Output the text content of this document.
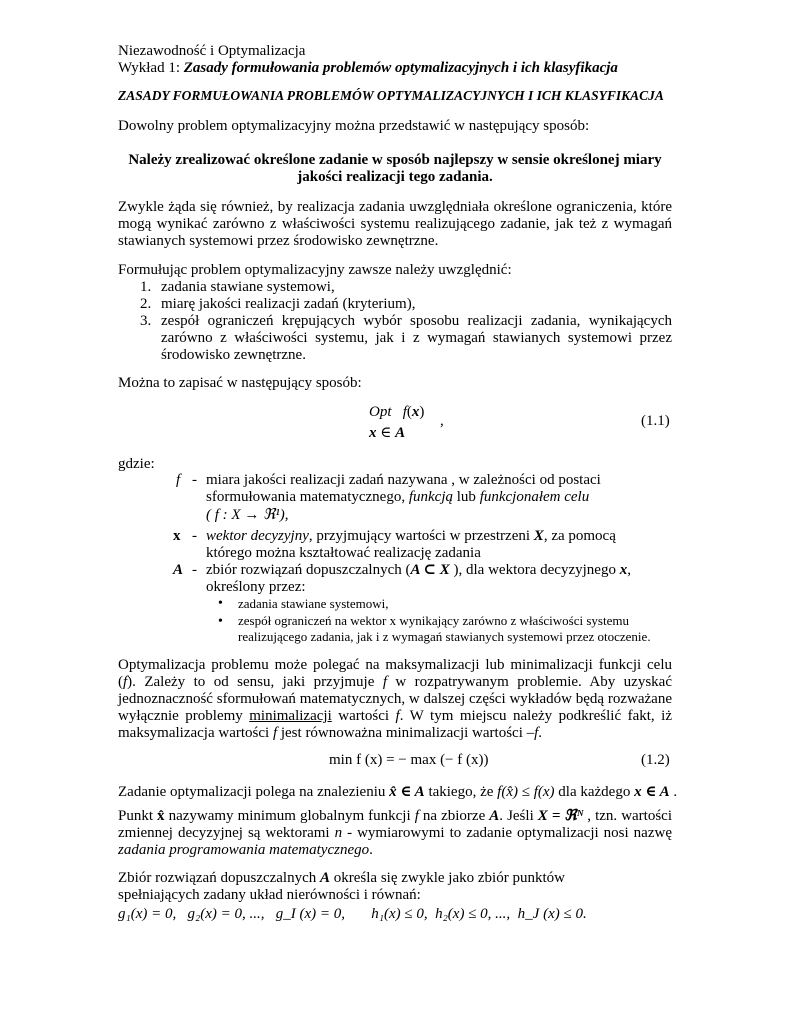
Niezawodność i Optymalizacja
Wykład 1: Zasady formułowania problemów optymalizacyjnych i ich klasyfikacja
ZASADY FORMUŁOWANIA PROBLEMÓW OPTYMALIZACYJNYCH I ICH KLASYFIKACJA
Dowolny problem optymalizacyjny można przedstawić w następujący sposób:
Należy zrealizować określone zadanie w sposób najlepszy w sensie określonej miary
jakości realizacji tego zadania.

Zwykle żąda się również, by realizacja zadania uwzględniała określone ograniczenia, które mogą wynikać zarówno z właściwości systemu realizującego zadanie, jak też z wymagań stawianych systemowi przez środowisko zewnętrzne.

Formułując problem optymalizacyjny zawsze należy uwzględnić:
1. zadania stawiane systemowi,
2. miarę jakości realizacji zadań (kryterium),
3. zespół ograniczeń krępujących wybór sposobu realizacji zadania, wynikających zarówno z właściwości systemu, jak i z wymagań stawianych systemowi przez środowisko zewnętrzne.

Można to zapisać w następujący sposób:
Opt f(x)
,
x ∈ A
(1.1)
gdzie:
f - miara jakości realizacji zadań nazywana , w zależności od postaci
sformułowania matematycznego, funkcją lub funkcjonałem celu
( f : X → ℜ¹),
x - wektor decyzyjny, przyjmujący wartości w przestrzeni X, za pomocą
którego można kształtować realizację zadania
A - zbiór rozwiązań dopuszczalnych (A ⊂ X ), dla wektora decyzyjnego x,
określony przez:
• zadania stawiane systemowi,
• zespół ograniczeń na wektor x wynikający zarówno z właściwości systemu realizującego zadania, jak i z wymagań stawianych systemowi przez otoczenie.

Optymalizacja problemu może polegać na maksymalizacji lub minimalizacji funkcji celu (f). Zależy to od sensu, jaki przyjmuje f w rozpatrywanym problemie. Aby uzyskać jednoznaczność sformułowań matematycznych, w dalszej części wykładów będą rozważane wyłącznie problemy minimalizacji wartości f. W tym miejscu należy podkreślić fakt, iż maksymalizacja wartości f jest równoważna minimalizacji wartości –f.

min f (x) = − max (− f (x))	(1.2)
Zadanie optymalizacji polega na znalezieniu x̂ ∈ A takiego, że f(x̂) ≤ f(x) dla każdego x ∈ A .

Punkt x̂ nazywamy minimum globalnym funkcji f na zbiorze A. Jeśli X = ℜᴺ , tzn. wartości zmiennej decyzyjnej są wektorami n - wymiarowymi to zadanie optymalizacji nosi nazwę zadania programowania matematycznego.

Zbiór rozwiązań dopuszczalnych A określa się zwykle jako zbiór punktów spełniających zadany układ nierówności i równań:

g₁(x) = 0,   g₂(x) = 0, ...,   g_I (x) = 0,       h₁(x) ≤ 0,  h₂(x) ≤ 0, ...,  h_J (x) ≤ 0.
